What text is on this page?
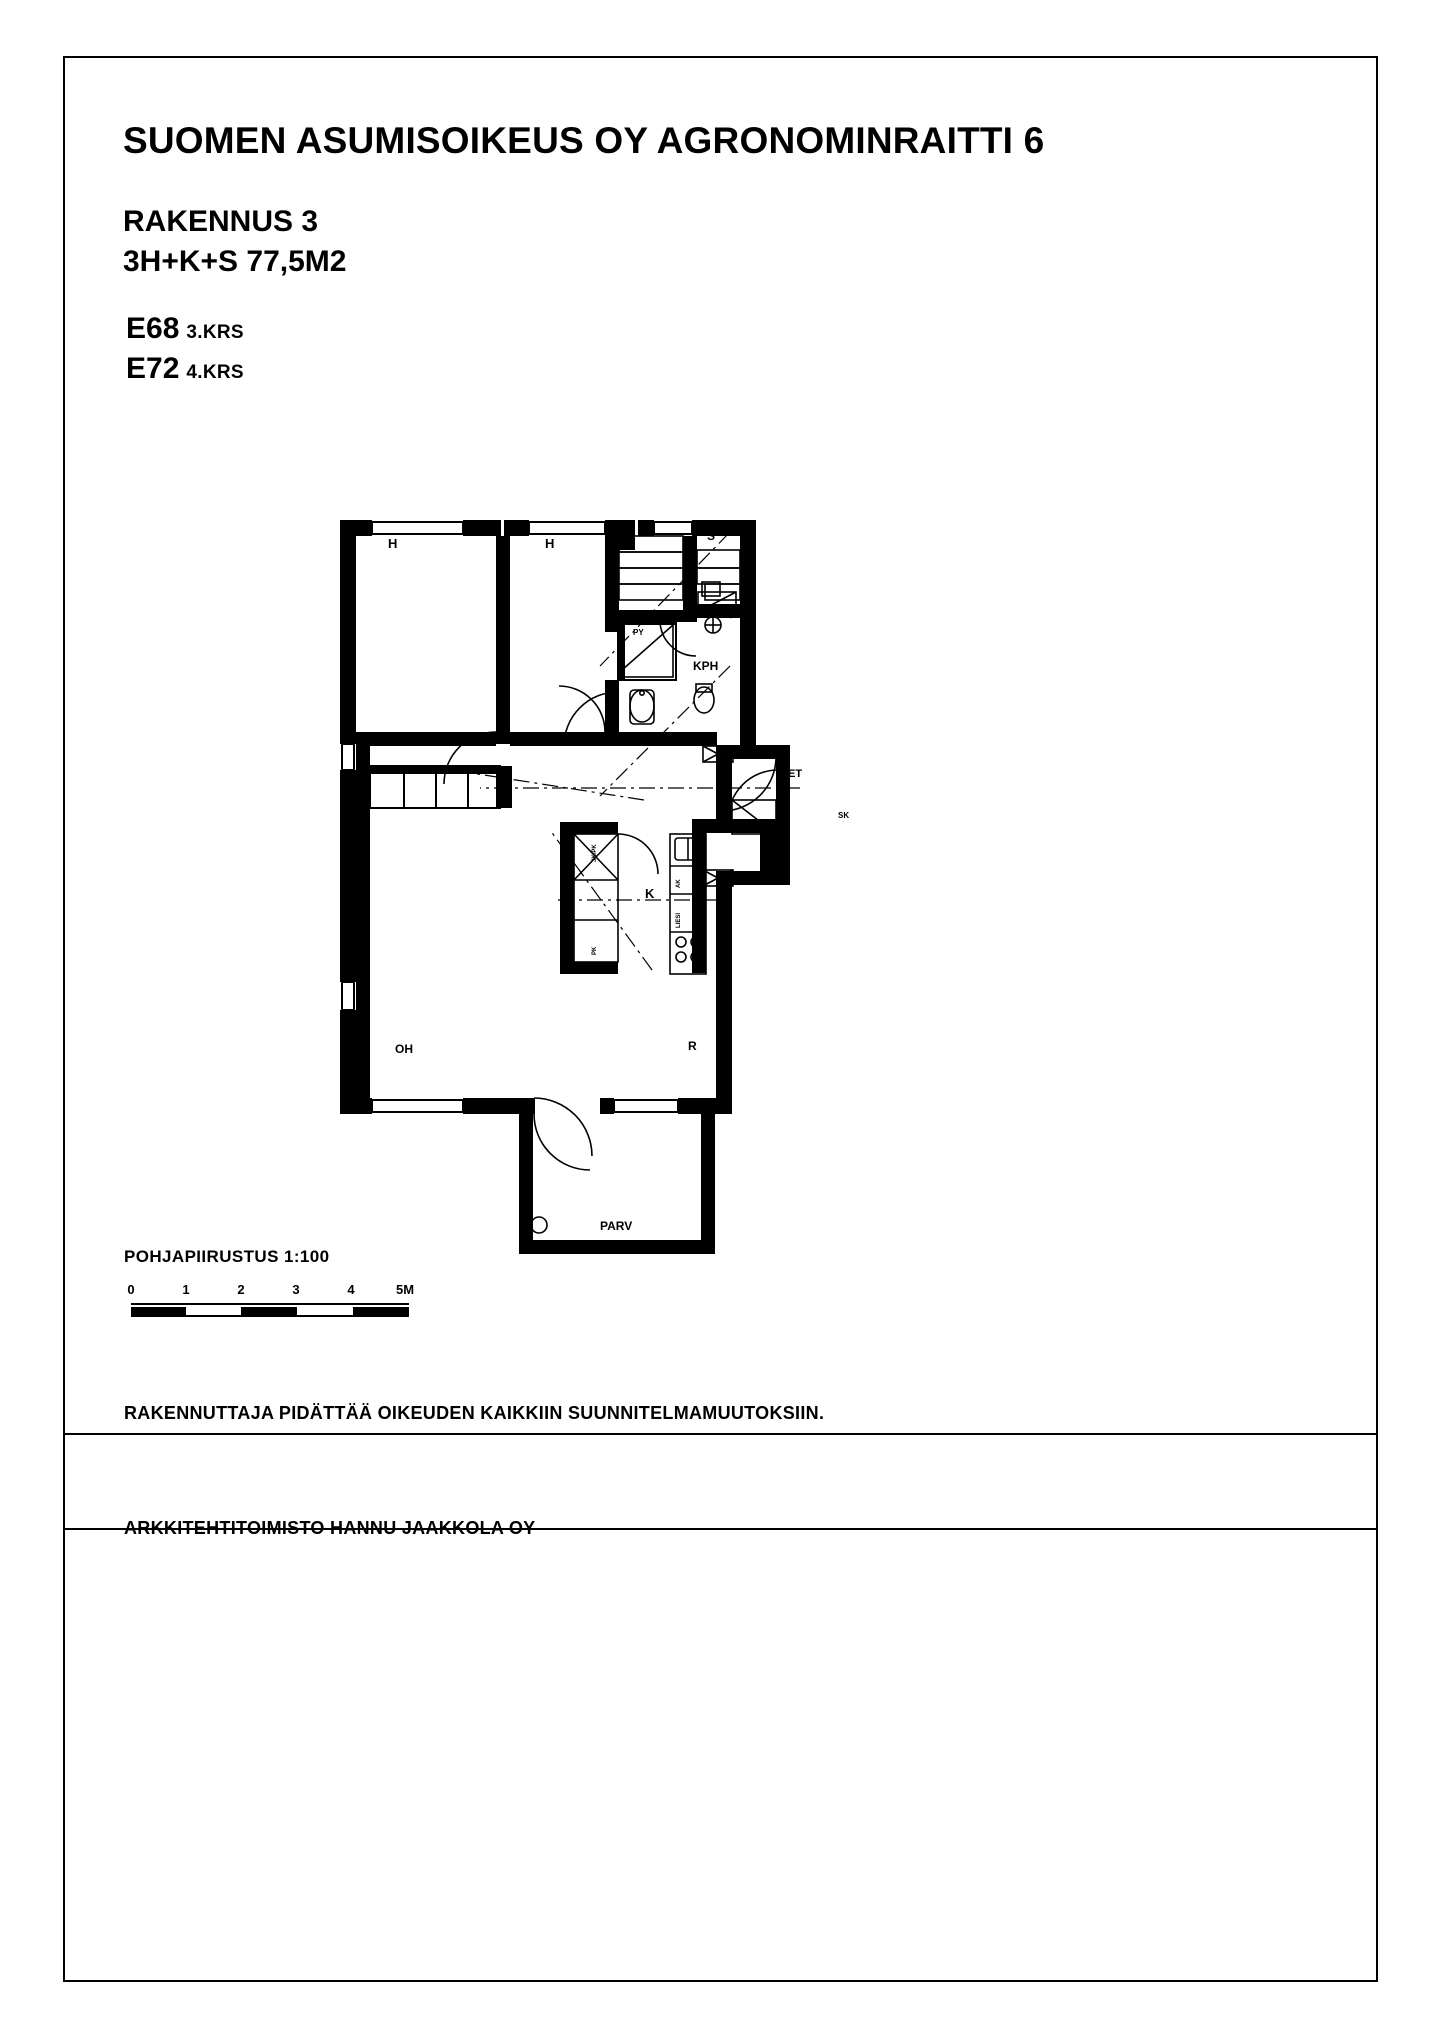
SUOMEN ASUMISOIKEUS OY AGRONOMINRAITTI 6
RAKENNUS 3
3H+K+S 77,5M2
E68 3.KRS
E72 4.KRS
H	H	S
PY
KPH
ET
SK
K
OH	R
PARV
JK/PK
PK
AK
LIESI
POHJAPIIRUSTUS 1:100
0	1	2	3	4	5M
RAKENNUTTAJA PIDÄTTÄÄ OIKEUDEN KAIKKIIN SUUNNITELMAMUUTOKSIIN.
ARKKITEHTITOIMISTO HANNU JAAKKOLA OY
